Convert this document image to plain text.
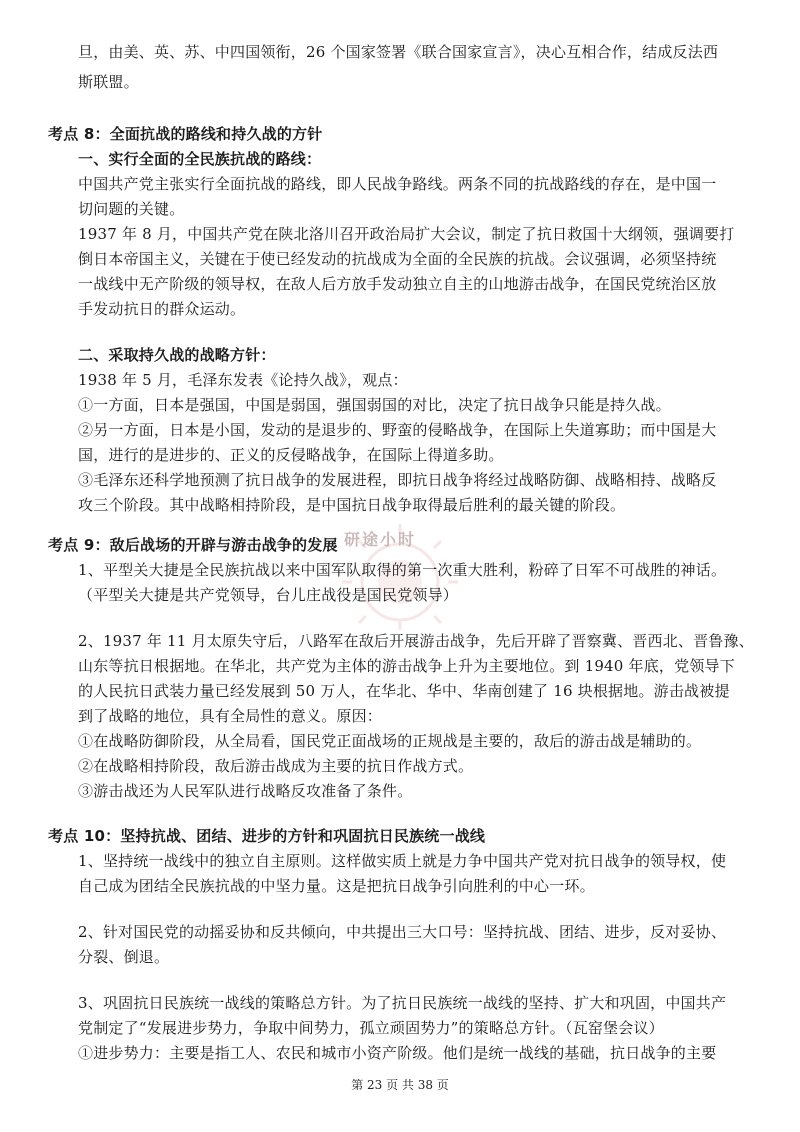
研途小时
旦，由美、英、苏、中四国领衔，26 个国家签署《联合国家宣言》，决心互相合作，结成反法西
斯联盟。
考点 8：全面抗战的路线和持久战的方针
一、实行全面的全民族抗战的路线：
中国共产党主张实行全面抗战的路线，即人民战争路线。两条不同的抗战路线的存在，是中国一
切问题的关键。
1937 年 8 月，中国共产党在陕北洛川召开政治局扩大会议，制定了抗日救国十大纲领，强调要打
倒日本帝国主义，关键在于使已经发动的抗战成为全面的全民族的抗战。会议强调，必须坚持统
一战线中无产阶级的领导权，在敌人后方放手发动独立自主的山地游击战争，在国民党统治区放
手发动抗日的群众运动。
二、采取持久战的战略方针：
1938 年 5 月，毛泽东发表《论持久战》，观点：
①一方面，日本是强国，中国是弱国，强国弱国的对比，决定了抗日战争只能是持久战。
②另一方面，日本是小国，发动的是退步的、野蛮的侵略战争，在国际上失道寡助；而中国是大
国，进行的是进步的、正义的反侵略战争，在国际上得道多助。
③毛泽东还科学地预测了抗日战争的发展进程，即抗日战争将经过战略防御、战略相持、战略反
攻三个阶段。其中战略相持阶段，是中国抗日战争取得最后胜利的最关键的阶段。
考点 9：敌后战场的开辟与游击战争的发展
1、平型关大捷是全民族抗战以来中国军队取得的第一次重大胜利，粉碎了日军不可战胜的神话。
（平型关大捷是共产党领导，台儿庄战役是国民党领导）
2、1937 年 11 月太原失守后，八路军在敌后开展游击战争，先后开辟了晋察冀、晋西北、晋鲁豫、
山东等抗日根据地。在华北，共产党为主体的游击战争上升为主要地位。到 1940 年底，党领导下
的人民抗日武装力量已经发展到 50 万人，在华北、华中、华南创建了 16 块根据地。游击战被提
到了战略的地位，具有全局性的意义。原因：
①在战略防御阶段，从全局看，国民党正面战场的正规战是主要的，敌后的游击战是辅助的。
②在战略相持阶段，敌后游击战成为主要的抗日作战方式。
③游击战还为人民军队进行战略反攻准备了条件。
考点 10：坚持抗战、团结、进步的方针和巩固抗日民族统一战线
1、坚持统一战线中的独立自主原则。这样做实质上就是力争中国共产党对抗日战争的领导权，使
自己成为团结全民族抗战的中坚力量。这是把抗日战争引向胜利的中心一环。
2、针对国民党的动摇妥协和反共倾向，中共提出三大口号：坚持抗战、团结、进步，反对妥协、
分裂、倒退。
3、巩固抗日民族统一战线的策略总方针。为了抗日民族统一战线的坚持、扩大和巩固，中国共产
党制定了“发展进步势力，争取中间势力，孤立顽固势力”的策略总方针。（瓦窑堡会议）
①进步势力：主要是指工人、农民和城市小资产阶级。他们是统一战线的基础，抗日战争的主要
第 23 页 共 38 页
